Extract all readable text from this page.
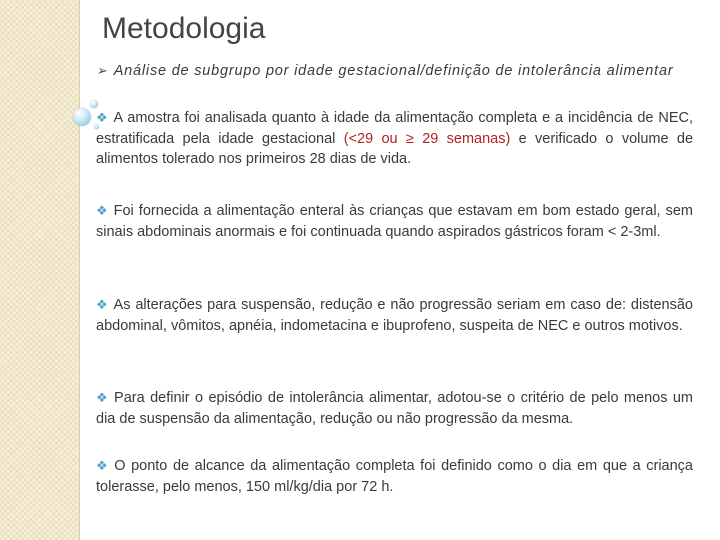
Metodologia

➢ Análise de subgrupo por idade gestacional/definição de intolerância alimentar

❖ A amostra foi analisada quanto à idade da alimentação completa e a incidência de NEC, estratificada pela idade gestacional (<29 ou ≥ 29 semanas) e verificado o volume de alimentos tolerado nos primeiros 28 dias de vida.

❖ Foi fornecida a alimentação enteral às crianças que estavam em bom estado geral, sem sinais abdominais anormais e foi continuada quando aspirados gástricos foram < 2-3ml.

❖ As alterações para suspensão, redução e não progressão seriam em caso de: distensão abdominal, vômitos, apnéia, indometacina e ibuprofeno, suspeita de NEC e outros motivos.

❖ Para definir o episódio de intolerância alimentar, adotou-se o critério de pelo menos um dia de suspensão da alimentação, redução ou não progressão da mesma.

❖ O ponto de alcance da alimentação completa foi definido como o dia em que a criança tolerasse, pelo menos, 150 ml/kg/dia por 72 h.
